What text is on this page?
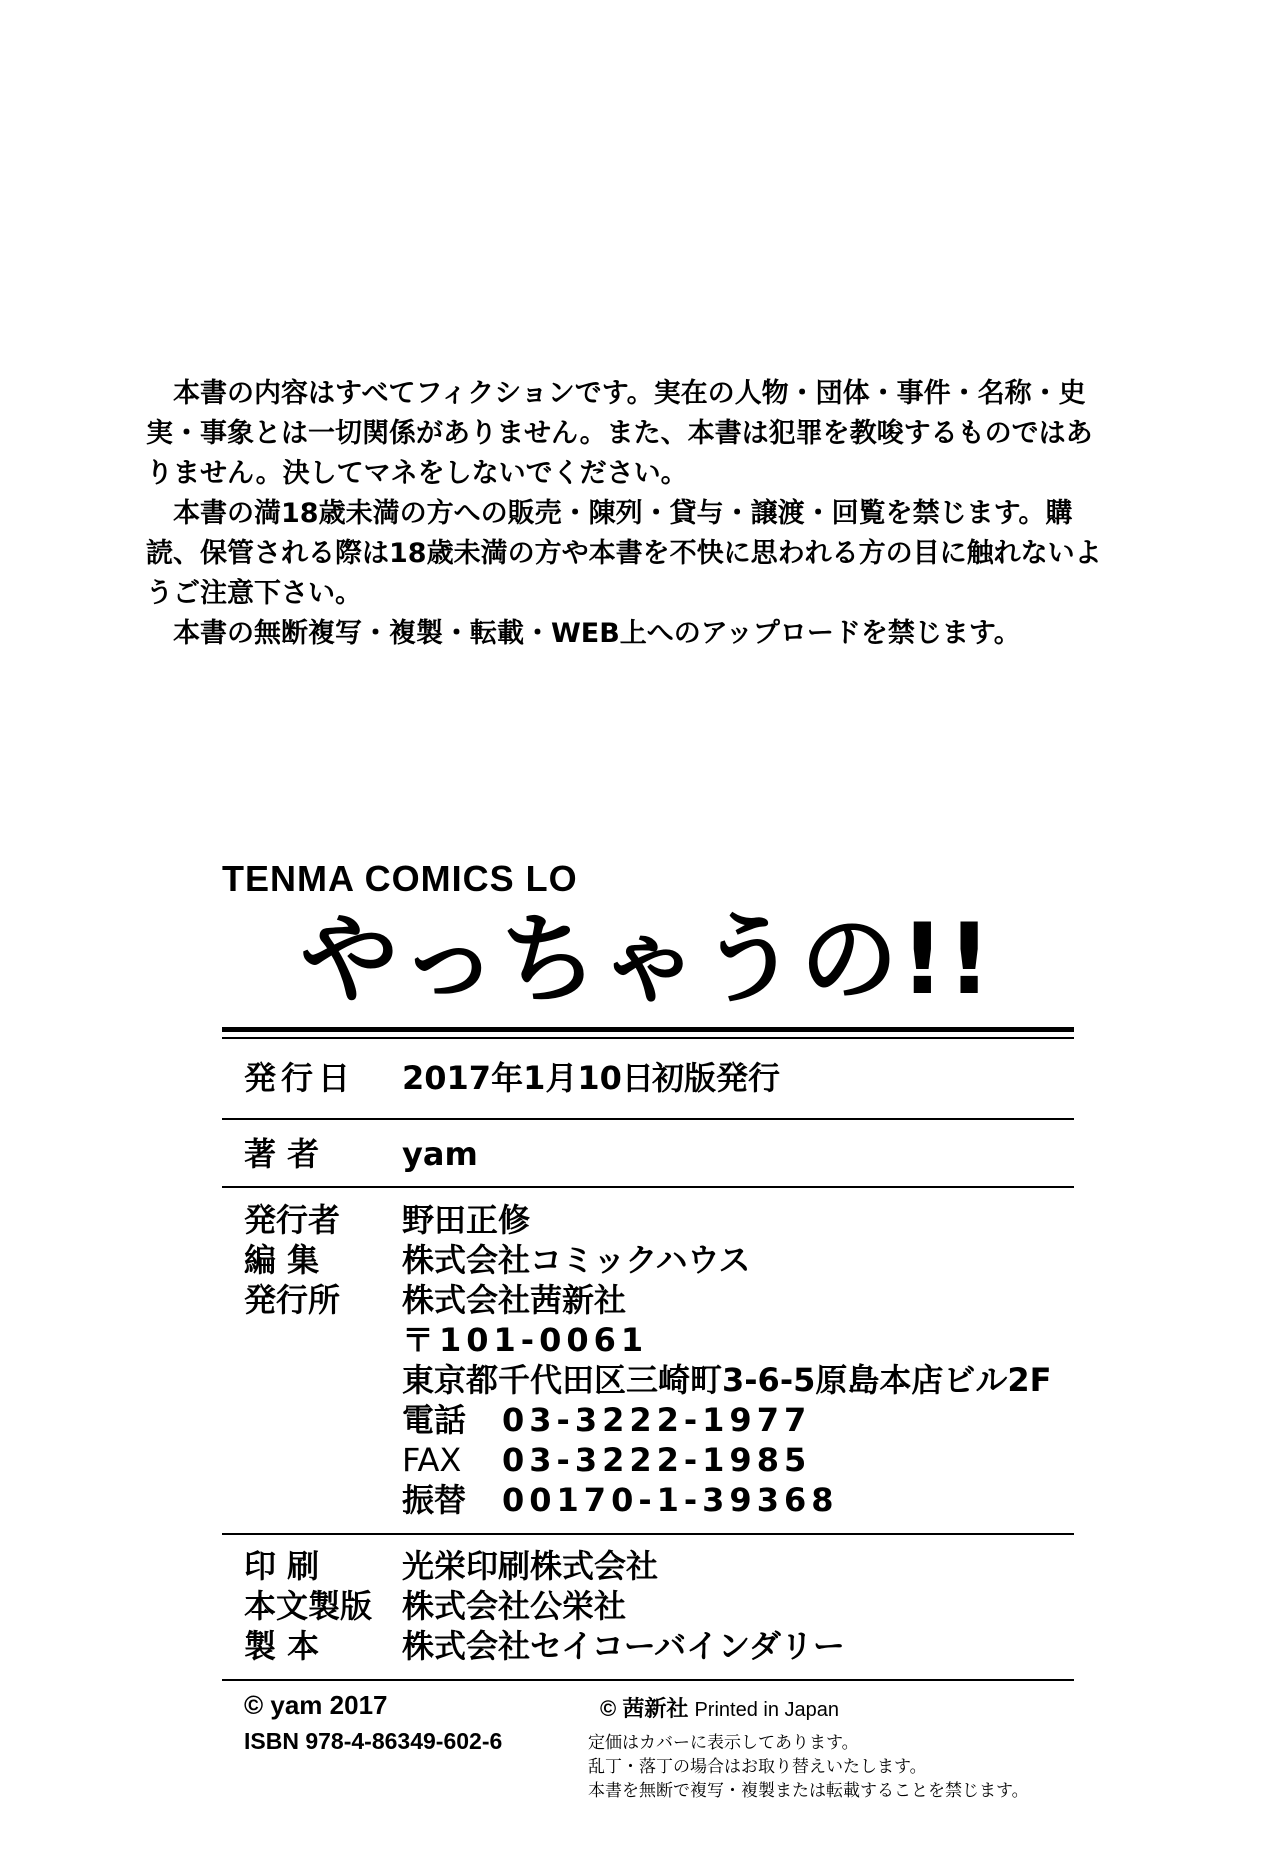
本書の内容はすべてフィクションです。実在の人物・団体・事件・名称・史実・事象とは一切関係がありません。また、本書は犯罪を教唆するものではありません。決してマネをしないでください。

本書の満18歳未満の方への販売・陳列・貸与・譲渡・回覧を禁じます。購読、保管される際は18歳未満の方や本書を不快に思われる方の目に触れないようご注意下さい。

本書の無断複写・複製・転載・WEB上へのアップロードを禁じます。

TENMA COMICS LO
やっちゃうの!!
発行日 2017年1月10日初版発行
著 者	yam
発行者 野田正修
編 集	株式会社コミックハウス
発行所 株式会社茜新社
〒101-0061
東京都千代田区三崎町3-6-5原島本店ビル2F
電話 03-3222-1977
FAX 03-3222-1985
振替 00170-1-39368
印 刷	光栄印刷株式会社
本文製版 株式会社公栄社
製 本	株式会社セイコーバインダリー
© yam 2017
ISBN 978-4-86349-602-6
© 茜新社 Printed in Japan
定価はカバーに表示してあります。
乱丁・落丁の場合はお取り替えいたします。
本書を無断で複写・複製または転載することを禁じます。
